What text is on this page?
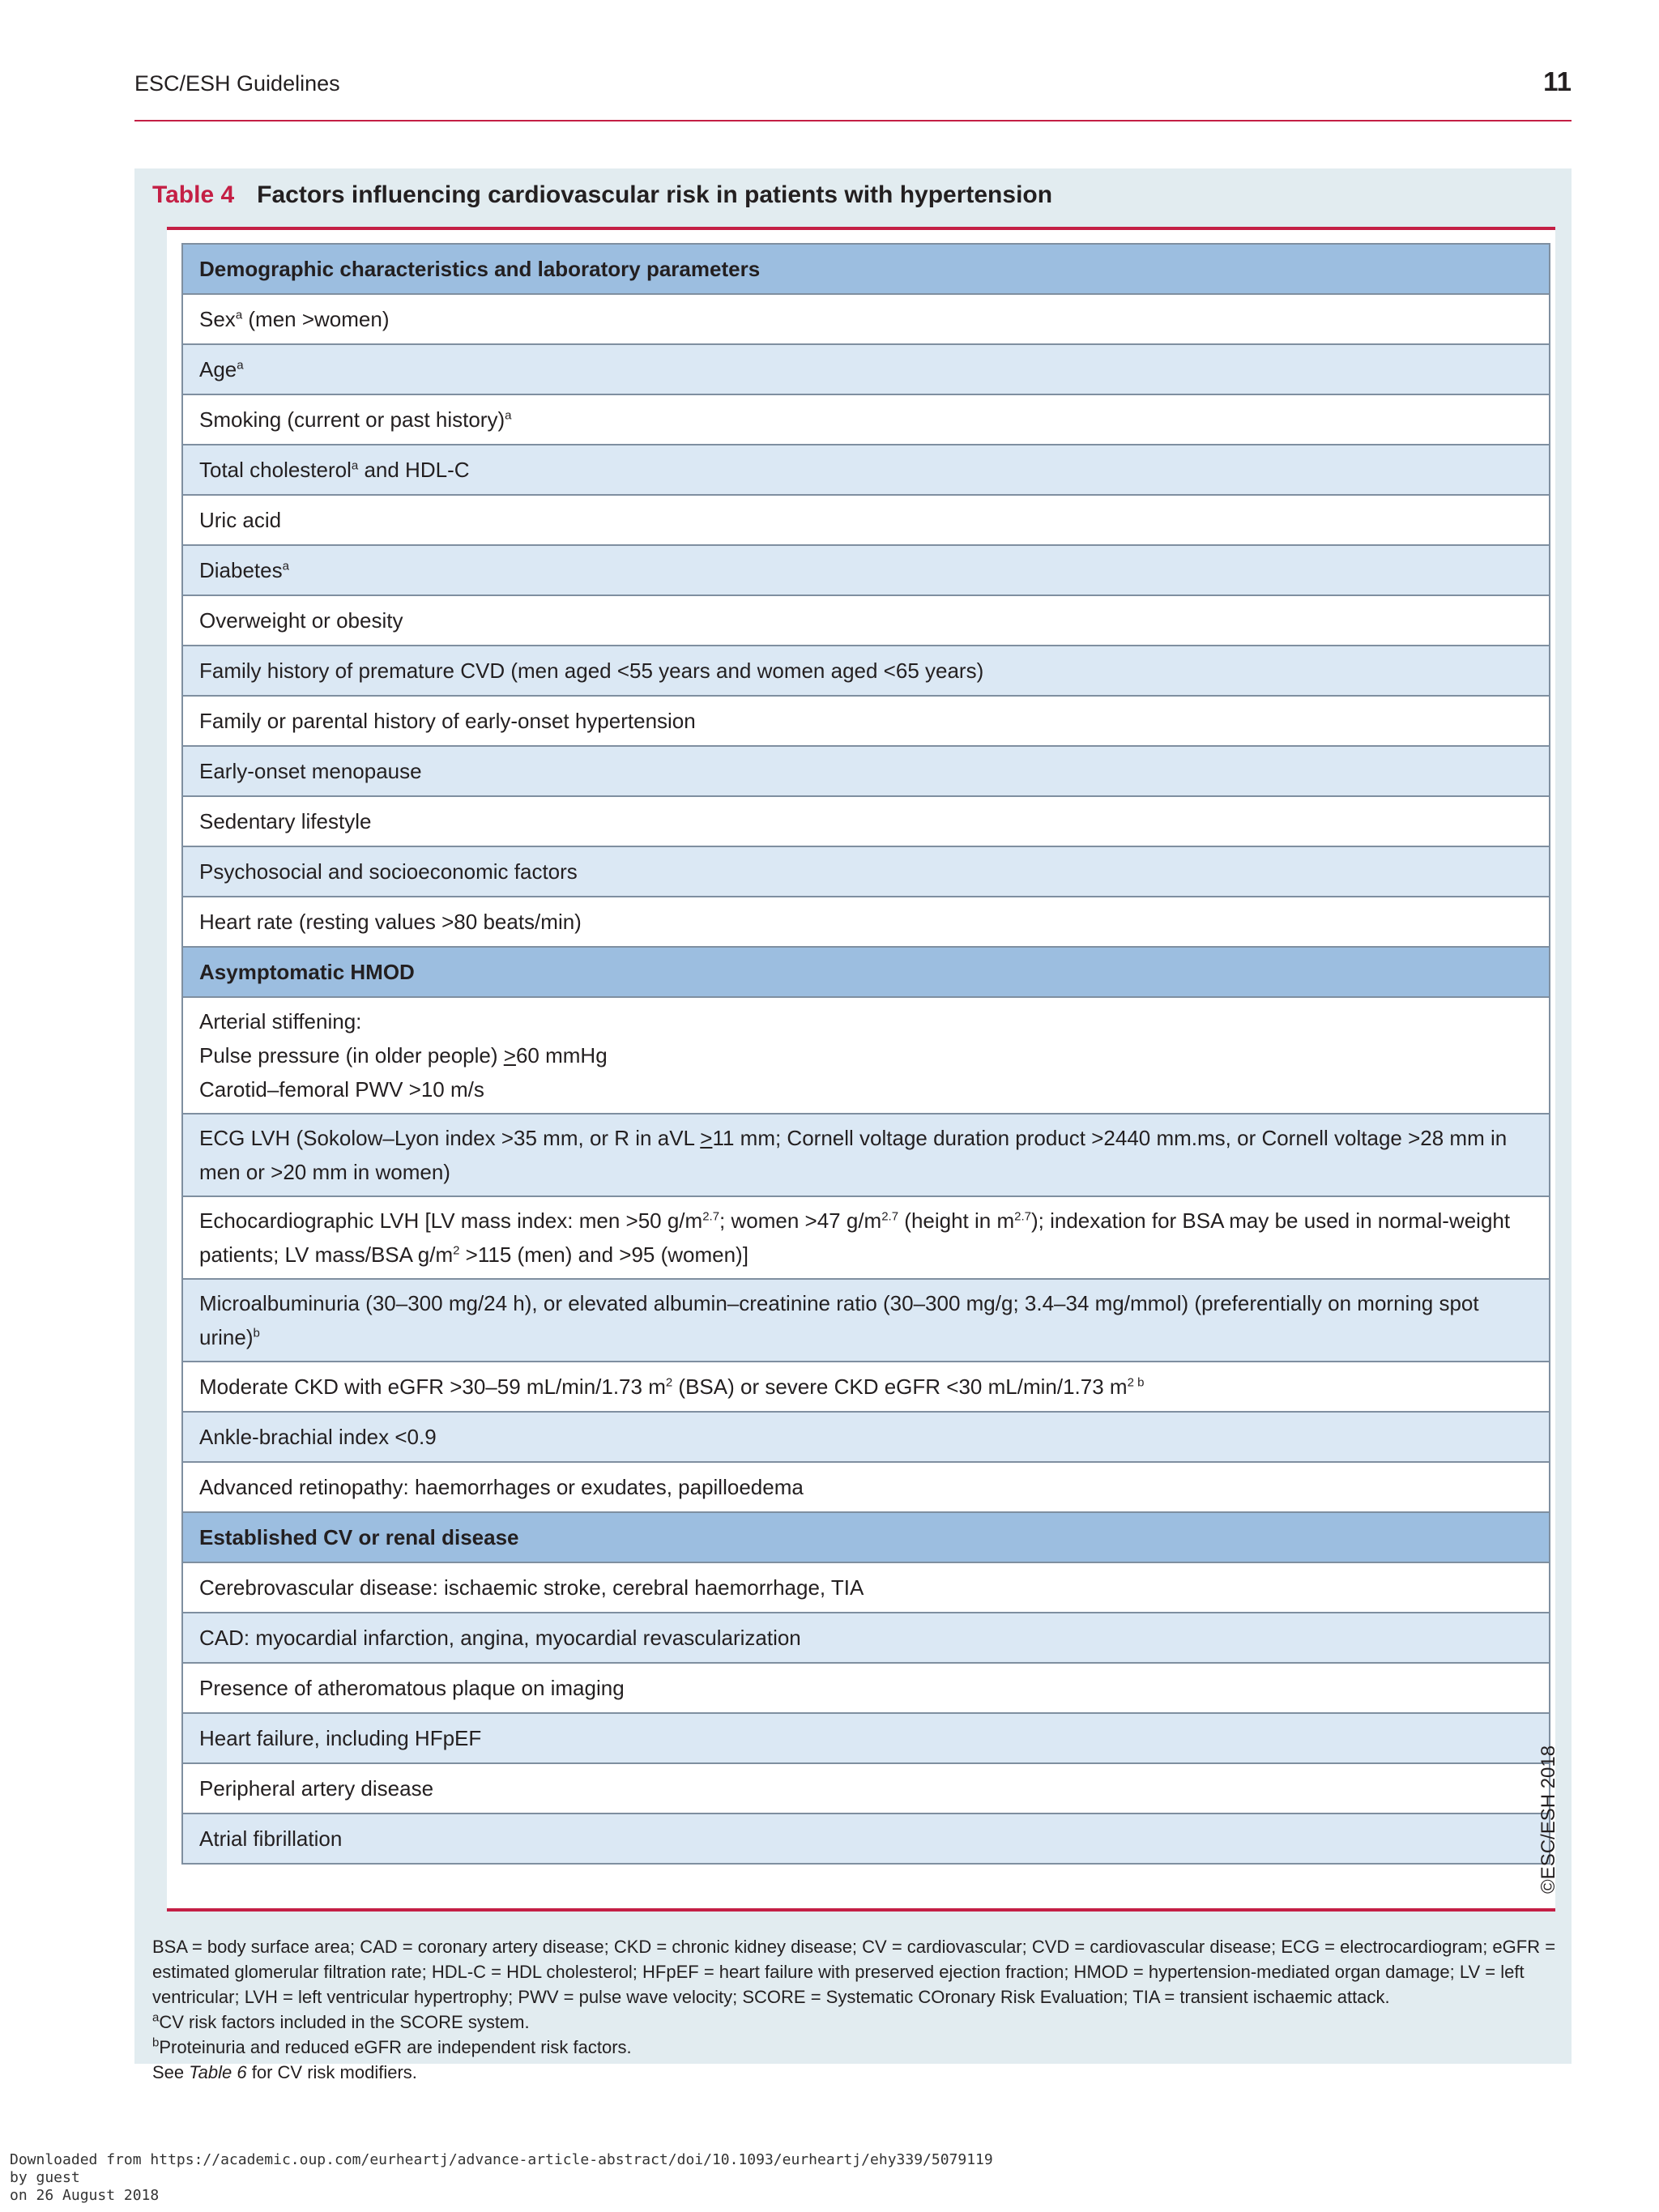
ESC/ESH Guidelines	11
Table 4 Factors influencing cardiovascular risk in patients with hypertension
Demographic characteristics and laboratory parameters
Sex$^a$ (men >women)
Age$^a$
Smoking (current or past history)$^a$
Total cholesterol$^a$ and HDL-C
Uric acid
Diabetes$^a$
Overweight or obesity
Family history of premature CVD (men aged <55 years and women aged <65 years)
Family or parental history of early-onset hypertension
Early-onset menopause
Sedentary lifestyle
Psychosocial and socioeconomic factors
Heart rate (resting values >80 beats/min)
Asymptomatic HMOD
Arterial stiffening:
Pulse pressure (in older people) >60 mmHg
Carotid–femoral PWV >10 m/s
ECG LVH (Sokolow–Lyon index >35 mm, or R in aVL >11 mm; Cornell voltage duration product >2440 mm.ms, or Cornell voltage >28 mm in men or >20 mm in women)
Echocardiographic LVH [LV mass index: men >50 $g/m^{2.7}$; women >47 $g/m^{2.7}$ (height in $m^{2.7}$); indexation for BSA may be used in normal-weight patients; LV mass/BSA $g/m^2 >115$ (men) and >95 (women)]
Microalbuminuria (30–300 mg/24 h), or elevated albumin–creatinine ratio (30–300 mg/g; 3.4–34 mg/mmol) (preferentially on morning spot urine)$^b$
Moderate CKD with eGFR >30–59 mL/min/1.73 $m^2$ (BSA) or severe CKD eGFR <30 mL/min/1.73 $m^{2 b}$
Ankle-brachial index <0.9
Advanced retinopathy: haemorrhages or exudates, papilloedema
Established CV or renal disease
Cerebrovascular disease: ischaemic stroke, cerebral haemorrhage, TIA
CAD: myocardial infarction, angina, myocardial revascularization
Presence of atheromatous plaque on imaging
Heart failure, including HFpEF
Peripheral artery disease
Atrial fibrillation	©ESC/ESH 2018

BSA = body surface area; CAD = coronary artery disease; CKD = chronic kidney disease; CV = cardiovascular; CVD = cardiovascular disease; ECG = electrocardiogram; eGFR = estimated glomerular filtration rate; HDL-C = HDL cholesterol; HFpEF = heart failure with preserved ejection fraction; HMOD = hypertension-mediated organ damage; LV = left ventricular; LVH = left ventricular hypertrophy; PWV = pulse wave velocity; SCORE = Systematic COronary Risk Evaluation; TIA = transient ischaemic attack.

$^a$CV risk factors included in the SCORE system.

$^b$Proteinuria and reduced eGFR are independent risk factors.

See Table 6 for CV risk modifiers.

Downloaded from https://academic.oup.com/eurheartj/advance-article-abstract/doi/10.1093/eurheartj/ehy339/5079119
by guest
on 26 August 2018
